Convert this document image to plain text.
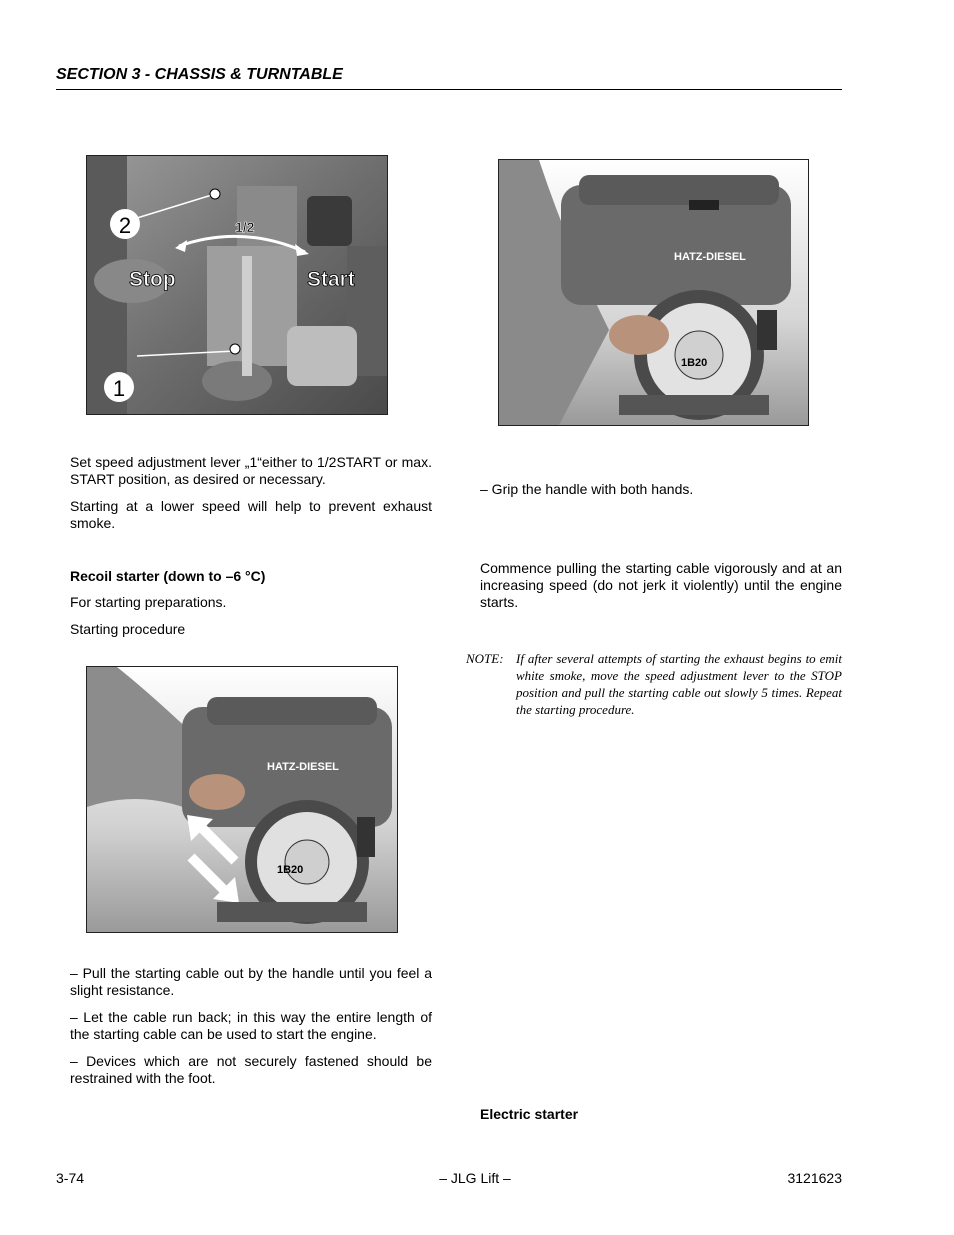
SECTION 3 - CHASSIS & TURNTABLE
2
1
1/2
Stop	Start
HATZ-DIESEL
1B20
HATZ-DIESEL
1B20
Set speed adjustment lever „1“either to 1/2START or max. START position, as desired or necessary.
Starting at a lower speed will help to prevent exhaust smoke.
Recoil starter (down to –6 °C)
For starting preparations.
Starting procedure
– Pull the starting cable out by the handle until you feel a slight resistance.
– Let the cable run back; in this way the entire length of the starting cable can be used to start the engine.
– Devices which are not securely fastened should be restrained with the foot.
– Grip the handle with both hands.
Commence pulling the starting cable vigorously and at an increasing speed (do not jerk it violently) until the engine starts.
NOTE: If after several attempts of starting the exhaust begins to emit white smoke, move the speed adjustment lever to the STOP position and pull the starting cable out slowly 5 times. Repeat the starting procedure.
Electric starter
3-74	– JLG Lift –	3121623
